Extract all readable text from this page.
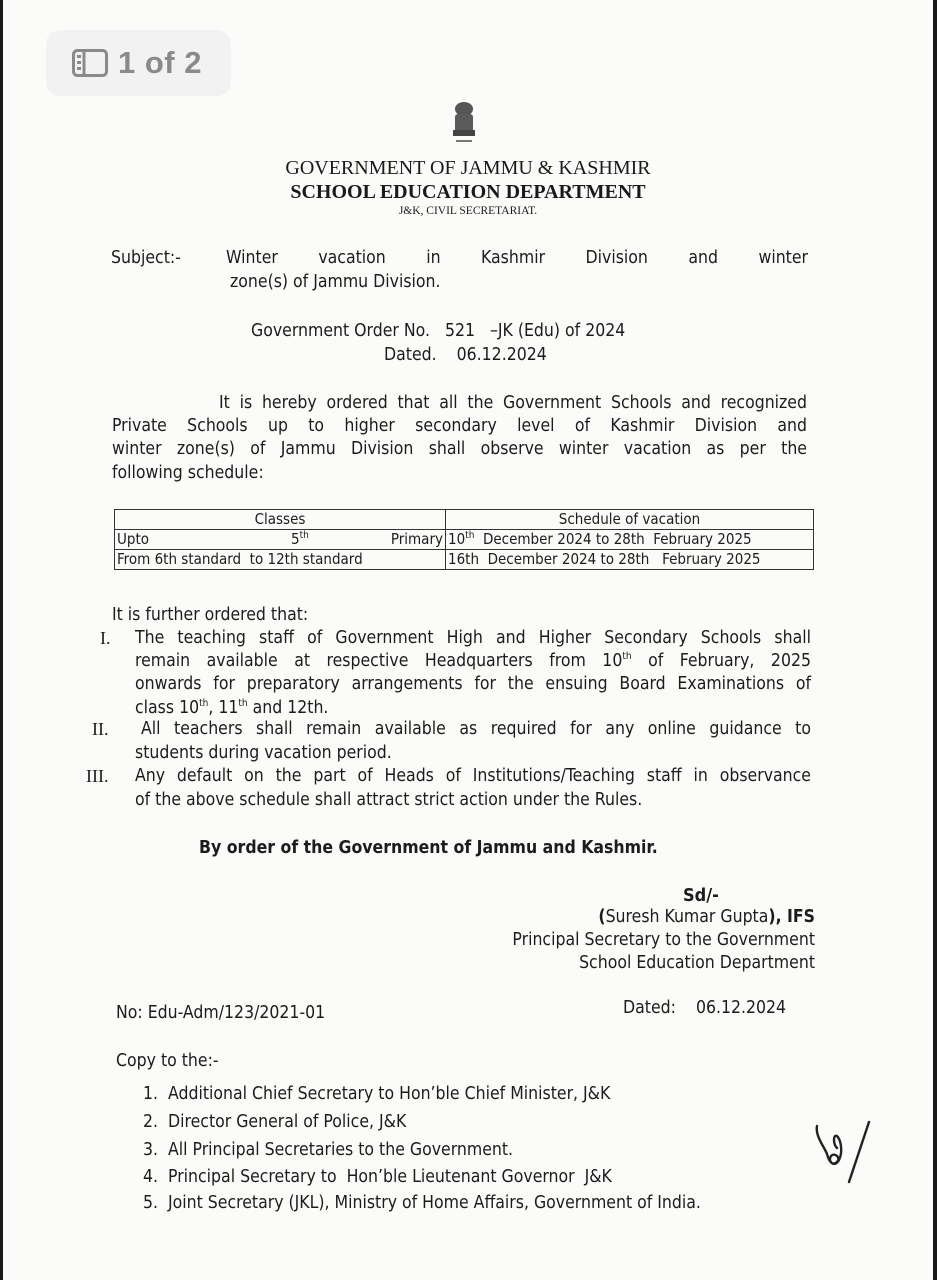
1 of 2
GOVERNMENT OF JAMMU & KASHMIR
SCHOOL EDUCATION DEPARTMENT
J&K, CIVIL SECRETARIAT.
Subject:-	Winter vacation in Kashmir Division and winter
zone(s) of Jammu Division.
Government Order No. 521   –JK (Edu) of 2024
Dated. 06.12.2024
It is hereby ordered that all the Government Schools and recognized
Private Schools up to higher secondary level of Kashmir Division and
winter zone(s) of Jammu Division shall observe winter vacation as per the
following schedule:
Classes	Schedule of vacation

Upto 5th Primary	10th  December 2024 to 28th  February 2025
From 6th standard  to 12th standard	16th  December 2024 to 28th   February 2025
It is further ordered that:
I. The teaching staff of Government High and Higher Secondary Schools shall
remain available at respective Headquarters from 10th of February, 2025
onwards for preparatory arrangements for the ensuing Board Examinations of
class 10th, 11th and 12th.
II. All teachers shall remain available as required for any online guidance to
students during vacation period.
III. Any default on the part of Heads of Institutions/Teaching staff in observance
of the above schedule shall attract strict action under the Rules.
By order of the Government of Jammu and Kashmir.
Sd/-
(Suresh Kumar Gupta), IFS
Principal Secretary to the Government
School Education Department
No: Edu-Adm/123/2021-01	Dated: 06.12.2024
Copy to the:-
1.  Additional Chief Secretary to Hon’ble Chief Minister, J&K
2.  Director General of Police, J&K
3.  All Principal Secretaries to the Government.
4.  Principal Secretary to  Hon’ble Lieutenant Governor  J&K
5.  Joint Secretary (JKL), Ministry of Home Affairs, Government of India.
